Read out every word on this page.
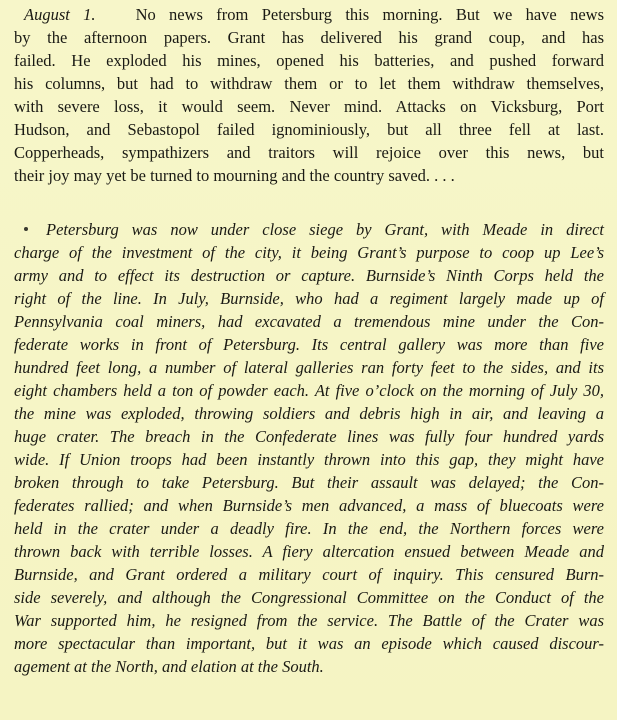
August 1. No news from Petersburg this morning. But we have news
by the afternoon papers. Grant has delivered his grand coup, and has
failed. He exploded his mines, opened his batteries, and pushed forward
his columns, but had to withdraw them or to let them withdraw themselves,
with severe loss, it would seem. Never mind. Attacks on Vicksburg, Port
Hudson, and Sebastopol failed ignominiously, but all three fell at last.
Copperheads, sympathizers and traitors will rejoice over this news, but
their joy may yet be turned to mourning and the country saved. . . .
Petersburg was now under close siege by Grant, with Meade in direct
charge of the investment of the city, it being Grant’s purpose to coop up Lee’s
army and to effect its destruction or capture. Burnside’s Ninth Corps held the
right of the line. In July, Burnside, who had a regiment largely made up of
Pennsylvania coal miners, had excavated a tremendous mine under the Con-
federate works in front of Petersburg. Its central gallery was more than five
hundred feet long, a number of lateral galleries ran forty feet to the sides, and its
eight chambers held a ton of powder each. At five o’clock on the morning of July 30,
the mine was exploded, throwing soldiers and debris high in air, and leaving a
huge crater. The breach in the Confederate lines was fully four hundred yards
wide. If Union troops had been instantly thrown into this gap, they might have
broken through to take Petersburg. But their assault was delayed; the Con-
federates rallied; and when Burnside’s men advanced, a mass of bluecoats were
held in the crater under a deadly fire. In the end, the Northern forces were
thrown back with terrible losses. A fiery altercation ensued between Meade and
Burnside, and Grant ordered a military court of inquiry. This censured Burn-
side severely, and although the Congressional Committee on the Conduct of the
War supported him, he resigned from the service. The Battle of the Crater was
more spectacular than important, but it was an episode which caused discour-
agement at the North, and elation at the South.
